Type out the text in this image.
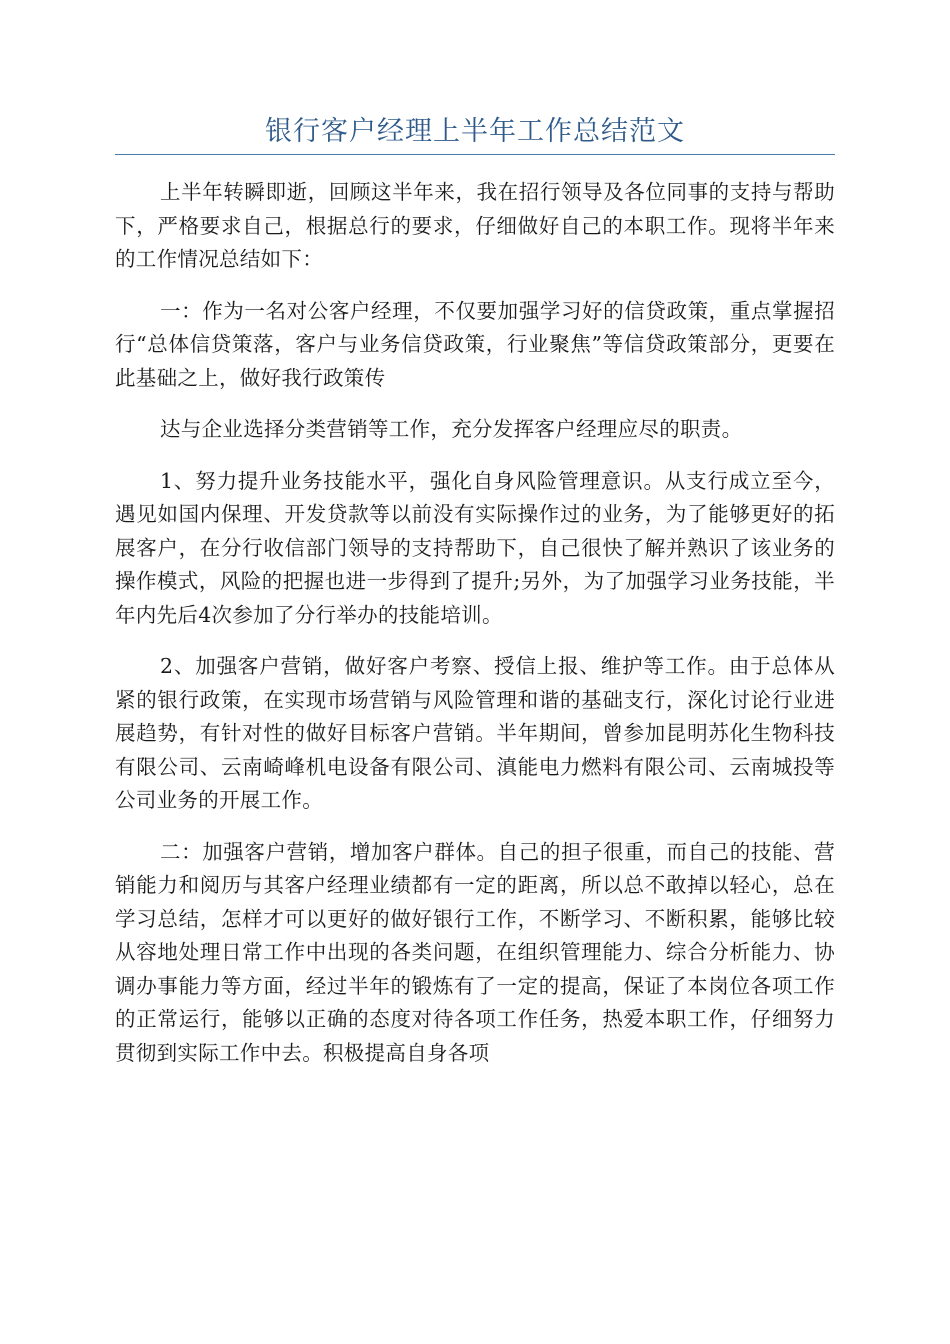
银行客户经理上半年工作总结范文

上半年转瞬即逝，回顾这半年来，我在招行领导及各位同事的支持与帮助下，严格要求自己，根据总行的要求，仔细做好自己的本职工作。现将半年来的工作情况总结如下：

一：作为一名对公客户经理，不仅要加强学习好的信贷政策，重点掌握招行“总体信贷策落，客户与业务信贷政策，行业聚焦”等信贷政策部分，更要在此基础之上，做好我行政策传

达与企业选择分类营销等工作，充分发挥客户经理应尽的职责。

1、努力提升业务技能水平，强化自身风险管理意识。从支行成立至今，遇见如国内保理、开发贷款等以前没有实际操作过的业务，为了能够更好的拓展客户，在分行收信部门领导的支持帮助下，自己很快了解并熟识了该业务的操作模式，风险的把握也进一步得到了提升;另外，为了加强学习业务技能，半年内先后4次参加了分行举办的技能培训。

2、加强客户营销，做好客户考察、授信上报、维护等工作。由于总体从紧的银行政策，在实现市场营销与风险管理和谐的基础支行，深化讨论行业进展趋势，有针对性的做好目标客户营销。半年期间，曾参加昆明苏化生物科技有限公司、云南崎峰机电设备有限公司、滇能电力燃料有限公司、云南城投等公司业务的开展工作。

二：加强客户营销，增加客户群体。自己的担子很重，而自己的技能、营销能力和阅历与其客户经理业绩都有一定的距离，所以总不敢掉以轻心，总在学习总结，怎样才可以更好的做好银行工作，不断学习、不断积累，能够比较从容地处理日常工作中出现的各类问题，在组织管理能力、综合分析能力、协调办事能力等方面，经过半年的锻炼有了一定的提高，保证了本岗位各项工作的正常运行，能够以正确的态度对待各项工作任务，热爱本职工作，仔细努力贯彻到实际工作中去。积极提高自身各项
